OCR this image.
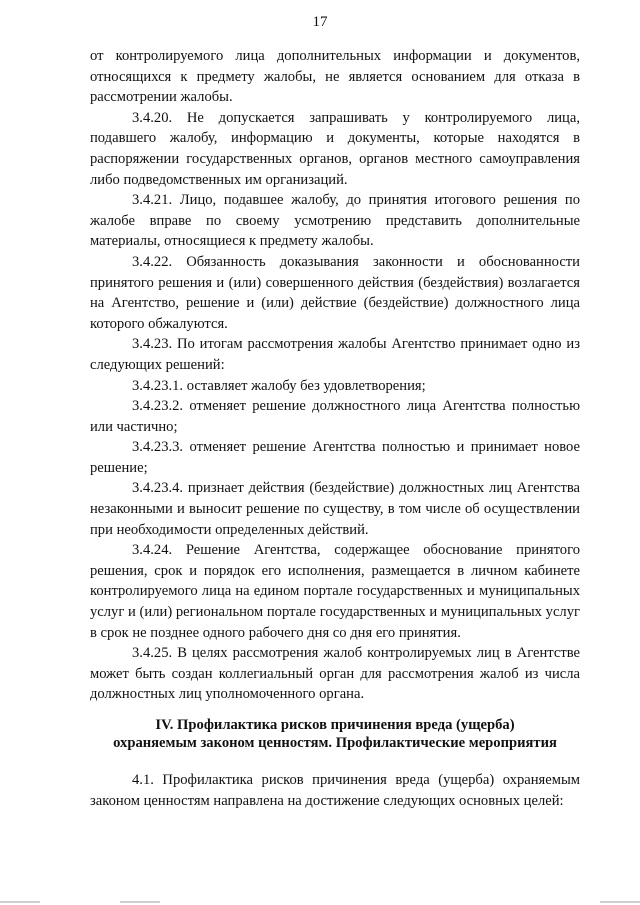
17

от контролируемого лица дополнительных информации и документов, относящихся к предмету жалобы, не является основанием для отказа в рассмотрении жалобы.

3.4.20. Не допускается запрашивать у контролируемого лица, подавшего жалобу, информацию и документы, которые находятся в распоряжении государственных органов, органов местного самоуправления либо подведомственных им организаций.

3.4.21. Лицо, подавшее жалобу, до принятия итогового решения по жалобе вправе по своему усмотрению представить дополнительные материалы, относящиеся к предмету жалобы.

3.4.22. Обязанность доказывания законности и обоснованности принятого решения и (или) совершенного действия (бездействия) возлагается на Агентство, решение и (или) действие (бездействие) должностного лица которого обжалуются.

3.4.23. По итогам рассмотрения жалобы Агентство принимает одно из следующих решений:

3.4.23.1. оставляет жалобу без удовлетворения;

3.4.23.2. отменяет решение должностного лица Агентства полностью или частично;

3.4.23.3. отменяет решение Агентства полностью и принимает новое решение;

3.4.23.4. признает действия (бездействие) должностных лиц Агентства незаконными и выносит решение по существу, в том числе об осуществлении при необходимости определенных действий.

3.4.24. Решение Агентства, содержащее обоснование принятого решения, срок и порядок его исполнения, размещается в личном кабинете контролируемого лица на едином портале государственных и муниципальных услуг и (или) региональном портале государственных и муниципальных услуг в срок не позднее одного рабочего дня со дня его принятия.

3.4.25. В целях рассмотрения жалоб контролируемых лиц в Агентстве может быть создан коллегиальный орган для рассмотрения жалоб из числа должностных лиц уполномоченного органа.

IV. Профилактика рисков причинения вреда (ущерба)
охраняемым законом ценностям. Профилактические мероприятия

4.1. Профилактика рисков причинения вреда (ущерба) охраняемым законом ценностям направлена на достижение следующих основных целей:
